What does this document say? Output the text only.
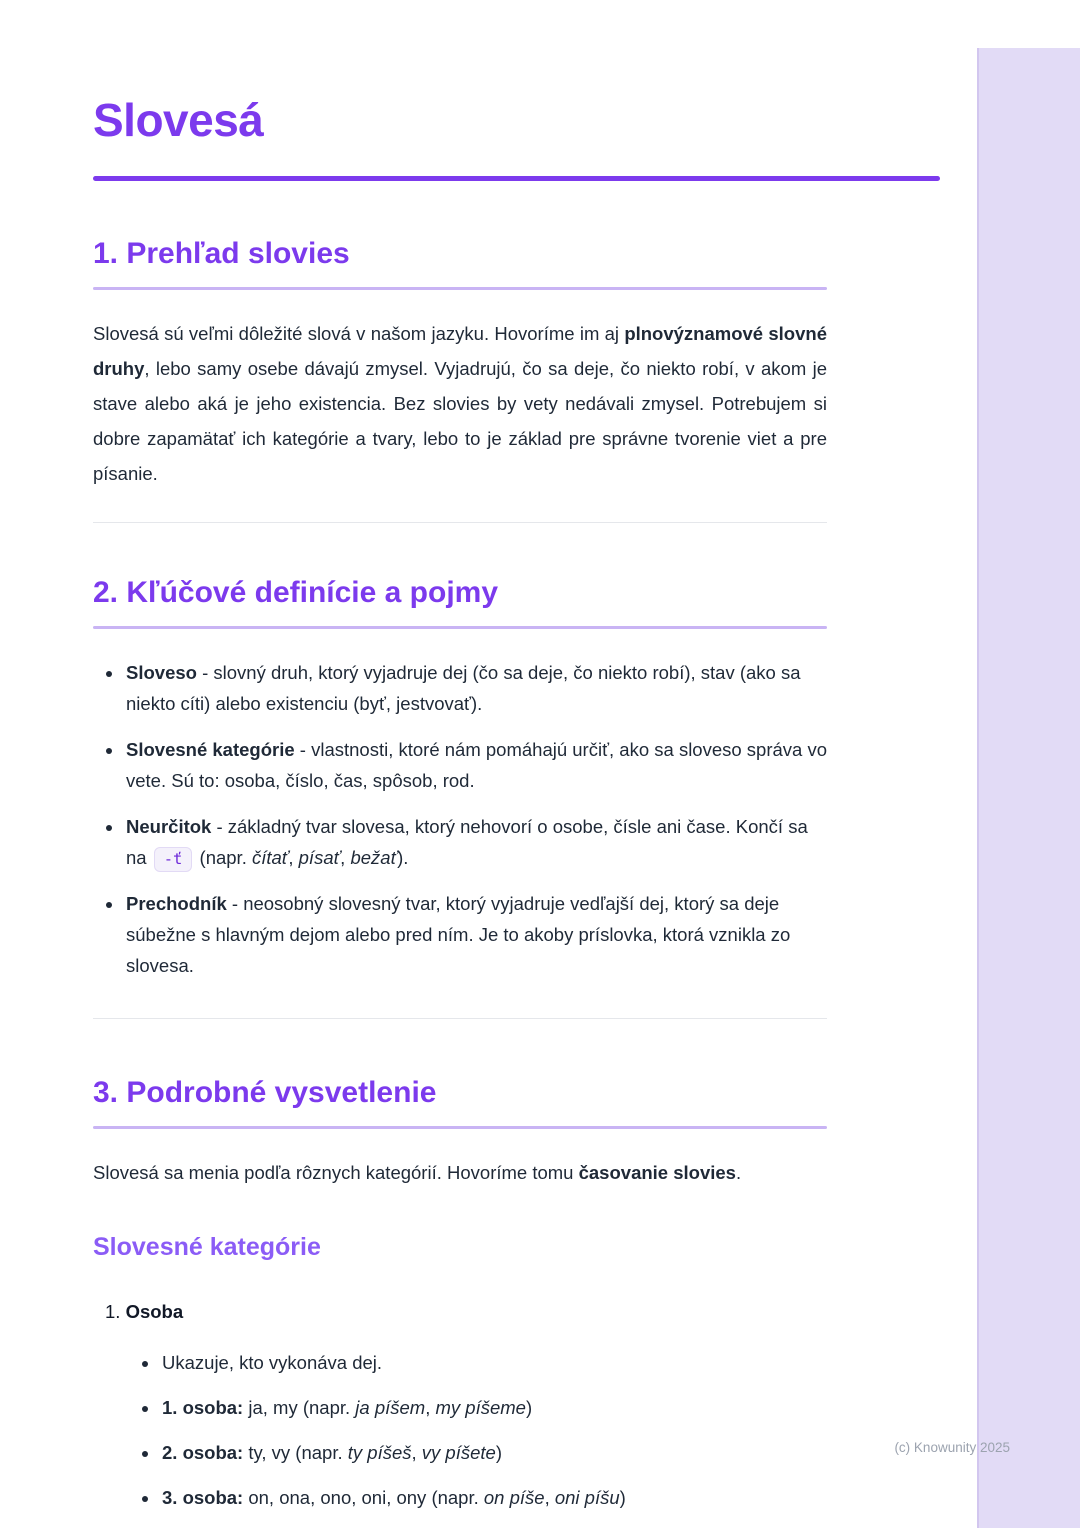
Slovesá
1. Prehľad slovies

Slovesá sú veľmi dôležité slová v našom jazyku. Hovoríme im aj plnovýznamové slovné druhy, lebo samy osebe dávajú zmysel. Vyjadrujú, čo sa deje, čo niekto robí, v akom je stave alebo aká je jeho existencia. Bez slovies by vety nedávali zmysel. Potrebujem si dobre zapamätať ich kategórie a tvary, lebo to je základ pre správne tvorenie viet a pre písanie.

2. Kľúčové definície a pojmy
• Sloveso - slovný druh, ktorý vyjadruje dej (čo sa deje, čo niekto robí), stav (ako sa niekto cíti) alebo existenciu (byť, jestvovať).
• Slovesné kategórie - vlastnosti, ktoré nám pomáhajú určiť, ako sa sloveso správa vo vete. Sú to: osoba, číslo, čas, spôsob, rod.
• Neurčitok - základný tvar slovesa, ktorý nehovorí o osobe, čísle ani čase. Končí sa na -ť (napr. čítať, písať, bežať).
• Prechodník - neosobný slovesný tvar, ktorý vyjadruje vedľajší dej, ktorý sa deje súbežne s hlavným dejom alebo pred ním. Je to akoby príslovka, ktorá vznikla zo slovesa.
3. Podrobné vysvetlenie

Slovesá sa menia podľa rôznych kategórií. Hovoríme tomu časovanie slovies.

Slovesné kategórie
1. Osoba
• Ukazuje, kto vykonáva dej.
• 1. osoba: ja, my (napr. ja píšem, my píšeme)
• 2. osoba: ty, vy (napr. ty píšeš, vy píšete)
• 3. osoba: on, ona, ono, oni, ony (napr. on píše, oni píšu)
(c) Knowunity 2025
